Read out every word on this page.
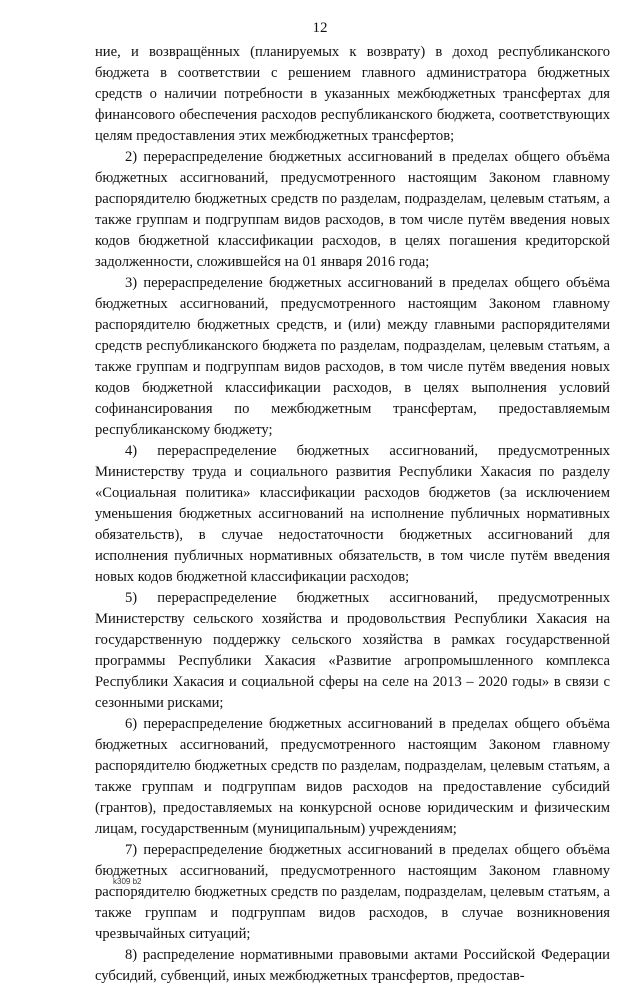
12

ние, и возвращённых (планируемых к возврату) в доход республиканского бюджета в соответствии с решением главного администратора бюджетных средств о наличии потребности в указанных межбюджетных трансфертах для финансового обеспечения расходов республиканского бюджета, соответствующих целям предоставления этих межбюджетных трансфертов;

2) перераспределение бюджетных ассигнований в пределах общего объёма бюджетных ассигнований, предусмотренного настоящим Законом главному распорядителю бюджетных средств по разделам, подразделам, целевым статьям, а также группам и подгруппам видов расходов, в том числе путём введения новых кодов бюджетной классификации расходов, в целях погашения кредиторской задолженности, сложившейся на 01 января 2016 года;

3) перераспределение бюджетных ассигнований в пределах общего объёма бюджетных ассигнований, предусмотренного настоящим Законом главному распорядителю бюджетных средств, и (или) между главными распорядителями средств республиканского бюджета по разделам, подразделам, целевым статьям, а также группам и подгруппам видов расходов, в том числе путём введения новых кодов бюджетной классификации расходов, в целях выполнения условий софинансирования по межбюджетным трансфертам, предоставляемым республиканскому бюджету;

4) перераспределение бюджетных ассигнований, предусмотренных Министерству труда и социального развития Республики Хакасия по разделу «Социальная политика» классификации расходов бюджетов (за исключением уменьшения бюджетных ассигнований на исполнение публичных нормативных обязательств), в случае недостаточности бюджетных ассигнований для исполнения публичных нормативных обязательств, в том числе путём введения новых кодов бюджетной классификации расходов;

5) перераспределение бюджетных ассигнований, предусмотренных Министерству сельского хозяйства и продовольствия Республики Хакасия на государственную поддержку сельского хозяйства в рамках государственной программы Республики Хакасия «Развитие агропромышленного комплекса Республики Хакасия и социальной сферы на селе на 2013 – 2020 годы» в связи с сезонными рисками;

6) перераспределение бюджетных ассигнований в пределах общего объёма бюджетных ассигнований, предусмотренного настоящим Законом главному распорядителю бюджетных средств по разделам, подразделам, целевым статьям, а также группам и подгруппам видов расходов на предоставление субсидий (грантов), предоставляемых на конкурсной основе юридическим и физическим лицам, государственным (муниципальным) учреждениям;

7) перераспределение бюджетных ассигнований в пределах общего объёма бюджетных ассигнований, предусмотренного настоящим Законом главному распорядителю бюджетных средств по разделам, подразделам, целевым статьям, а также группам и подгруппам видов расходов, в случае возникновения чрезвычайных ситуаций;

8) распределение нормативными правовыми актами Российской Федерации субсидий, субвенций, иных межбюджетных трансфертов, предостав-

k309 b2
